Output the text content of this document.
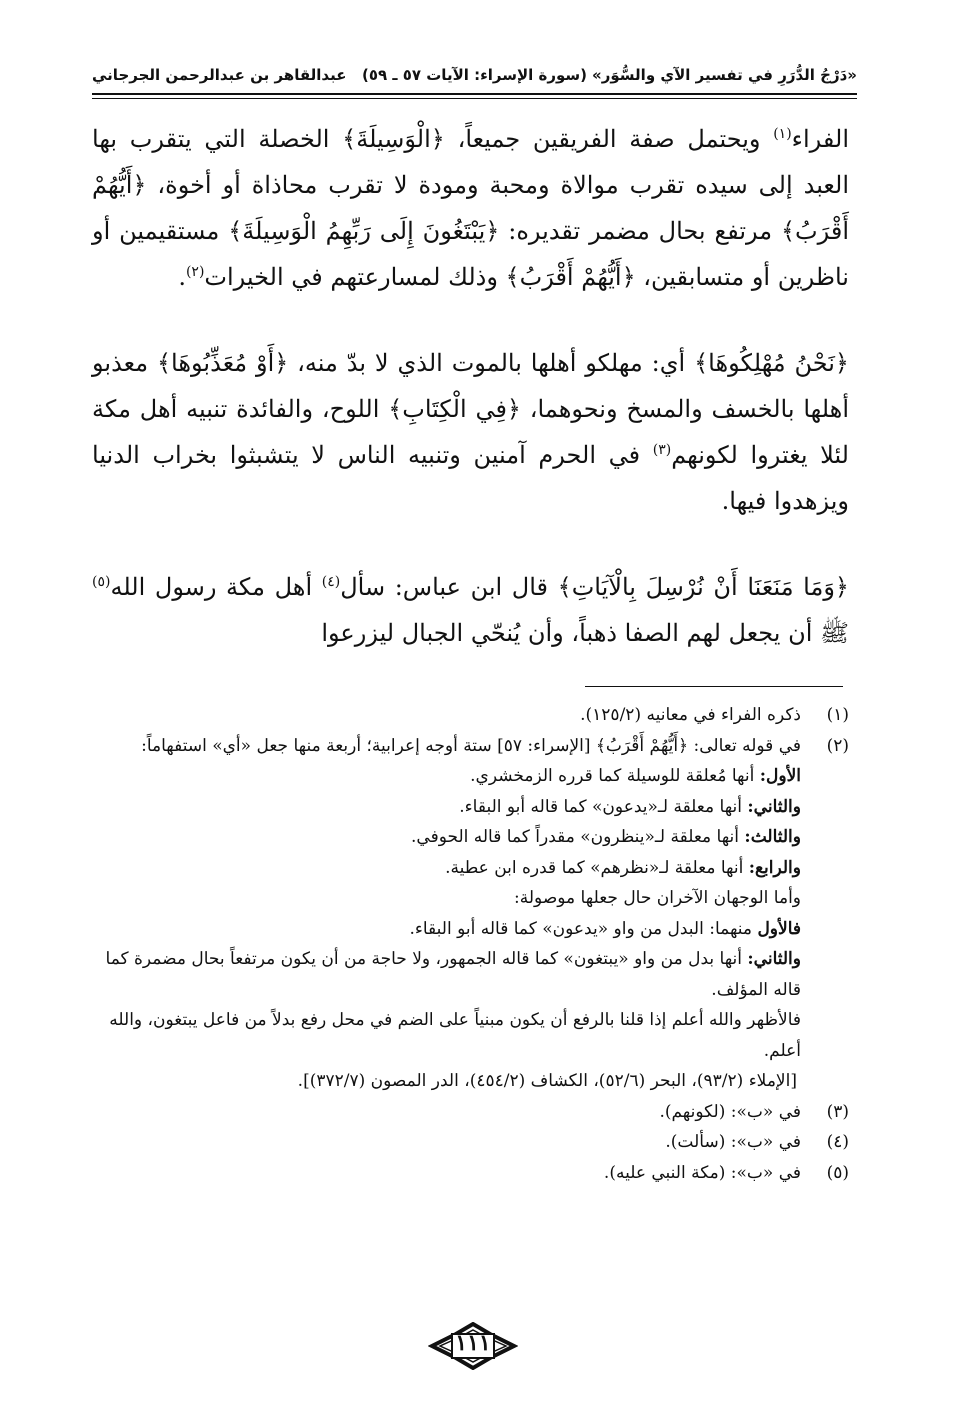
«دَرْجُ الدُّرَرِ في تفسير الآي والسُّوَر»
(سورة الإسراء: الآيات ٥٧ ـ ٥٩)
عبدالقاهر بن عبدالرحمن الجرجاني

الفراء$^{(١)}$ ويحتمل صفة الفريقين جميعاً، ﴿الْوَسِيلَةَ﴾ الخصلة التي يتقرب بها العبد إلى سيده تقرب موالاة ومحبة ومودة لا تقرب محاذاة أو أخوة، ﴿أَيُّهُمْ أَقْرَبُ﴾ مرتفع بحال مضمر تقديره: ﴿يَبْتَغُونَ إِلَى رَبِّهِمُ الْوَسِيلَةَ﴾ مستقيمين أو ناظرين أو متسابقين، ﴿أَيُّهُمْ أَقْرَبُ﴾ وذلك لمسارعتهم في الخيرات$^{(٢)}$.

﴿نَحْنُ مُهْلِكُوهَا﴾ أي: مهلكو أهلها بالموت الذي لا بدّ منه، ﴿أَوْ مُعَذِّبُوهَا﴾ معذبو أهلها بالخسف والمسخ ونحوهما، ﴿فِي الْكِتَابِ﴾ اللوح، والفائدة تنبيه أهل مكة لئلا يغتروا لكونهم$^{(٣)}$ في الحرم آمنين وتنبيه الناس لا يتشبثوا بخراب الدنيا ويزهدوا فيها.

﴿وَمَا مَنَعَنَا أَنْ نُرْسِلَ بِالْآيَاتِ﴾ قال ابن عباس: سأل$^{(٤)}$ أهل مكة رسول الله$^{(٥)}$ ﷺ أن يجعل لهم الصفا ذهباً، وأن يُنحّي الجبال ليزرعوا

(١)

ذكره الفراء في معانيه (١٢٥/٢).

(٢)

في قوله تعالى: ﴿أَيُّهُمْ أَقْرَبُ﴾ [الإسراء: ٥٧] ستة أوجه إعرابية؛ أربعة منها جعل «أي» استفهاماً:

الأول: أنها مُعلقة للوسيلة كما قرره الزمخشري.

والثاني: أنها معلقة لـ«يدعون» كما قاله أبو البقاء.

والثالث: أنها معلقة لـ«ينظرون» مقدراً كما قاله الحوفي.

والرابع: أنها معلقة لـ«نظرهم» كما قدره ابن عطية.

وأما الوجهان الآخران حال جعلها موصولة:

فالأول منهما: البدل من واو «يدعون» كما قاله أبو البقاء.

والثاني: أنها بدل من واو «يبتغون» كما قاله الجمهور، ولا حاجة من أن يكون مرتفعاً بحال مضمرة كما قاله المؤلف.

فالأظهر والله أعلم إذا قلنا بالرفع أن يكون مبنياً على الضم في محل رفع بدلاً من فاعل يبتغون، والله أعلم.

[الإملاء (٩٣/٢)، البحر (٥٢/٦)، الكشاف (٤٥٤/٢)، الدر المصون (٣٧٢/٧)].

(٣)

في «ب»: (لكونهم).

(٤)

في «ب»: (سألت).

(٥)

في «ب»: (مكة النبي عليه).

١١١
